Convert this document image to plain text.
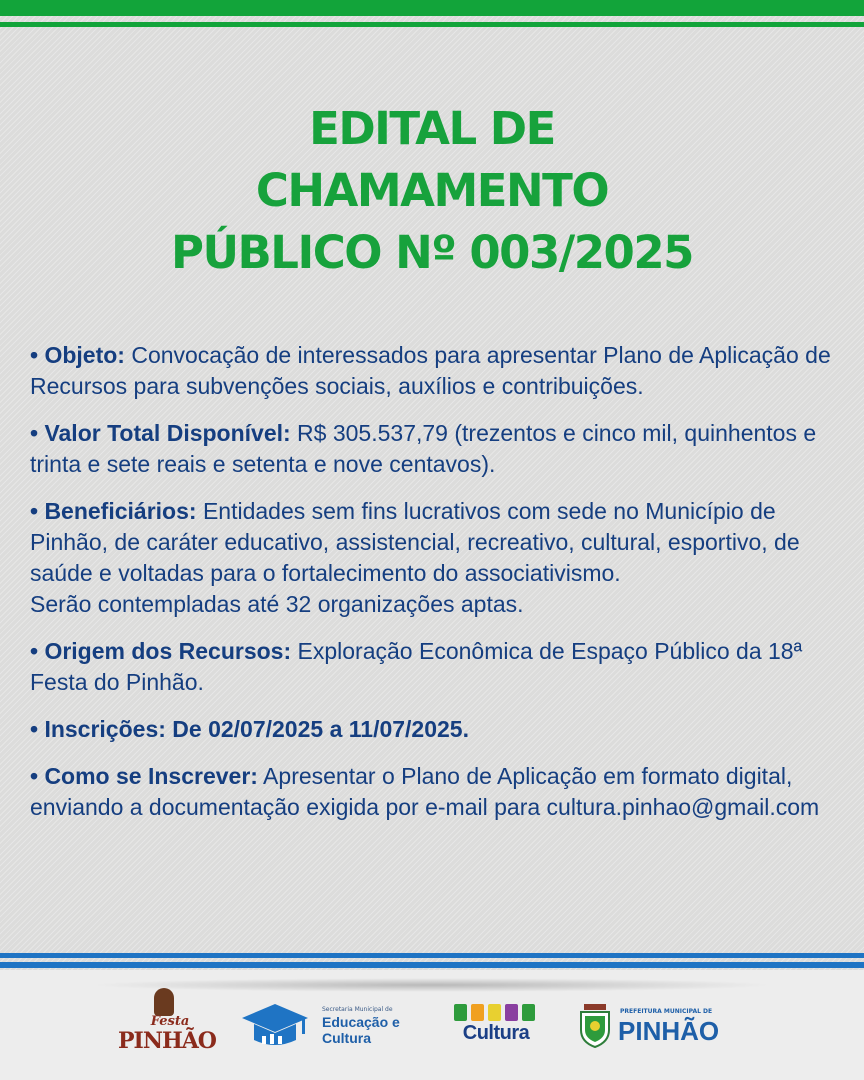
EDITAL DE
CHAMAMENTO
PÚBLICO Nº 003/2025
• Objeto: Convocação de interessados para apresentar Plano de Aplicação de Recursos para subvenções sociais, auxílios e contribuições.
• Valor Total Disponível: R$ 305.537,79 (trezentos e cinco mil, quinhentos e trinta e sete reais e setenta e nove centavos).
• Beneficiários: Entidades sem fins lucrativos com sede no Município de Pinhão, de caráter educativo, assistencial, recreativo, cultural, esportivo, de saúde e voltadas para o fortalecimento do associativismo.
Serão contempladas até 32 organizações aptas.
• Origem dos Recursos: Exploração Econômica de Espaço Público da 18ª Festa do Pinhão.
• Inscrições: De 02/07/2025 a 11/07/2025.
• Como se Inscrever: Apresentar o Plano de Aplicação em formato digital, enviando a documentação exigida por e-mail para cultura.pinhao@gmail.com
Festa
PINHÃO
Secretaria Municipal de
Educação e Cultura	Cultura
PREFEITURA MUNICIPAL DE
PINHÃO
